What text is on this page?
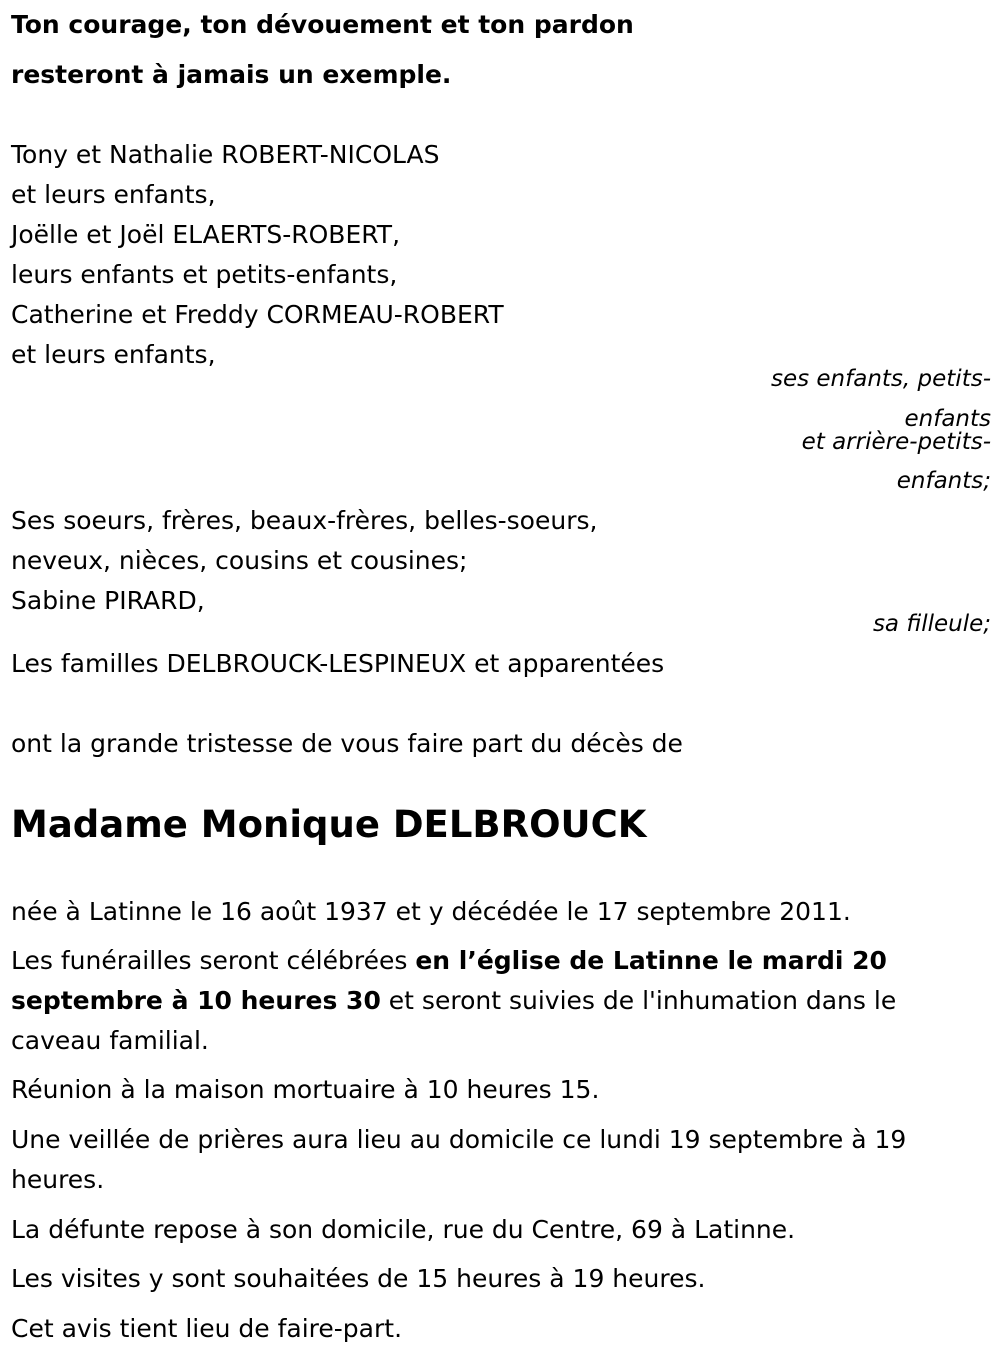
Ton courage, ton dévouement et ton pardon
resteront à jamais un exemple.
Tony et Nathalie ROBERT-NICOLAS
et leurs enfants,
Joëlle et Joël ELAERTS-ROBERT,
leurs enfants et petits-enfants,
Catherine et Freddy CORMEAU-ROBERT
et leurs enfants,
ses enfants, petits-
enfants
et arrière-petits-
enfants;
Ses soeurs, frères, beaux-frères, belles-soeurs,
neveux, nièces, cousins et cousines;
Sabine PIRARD,
sa filleule;
Les familles DELBROUCK-LESPINEUX et apparentées
ont la grande tristesse de vous faire part du décès de
Madame Monique DELBROUCK
née à Latinne le 16 août 1937 et y décédée le 17 septembre 2011.
Les funérailles seront célébrées en l’église de Latinne le mardi 20
septembre à 10 heures 30 et seront suivies de l'inhumation dans le
caveau familial.
Réunion à la maison mortuaire à 10 heures 15.
Une veillée de prières aura lieu au domicile ce lundi 19 septembre à 19
heures.
La défunte repose à son domicile, rue du Centre, 69 à Latinne.
Les visites y sont souhaitées de 15 heures à 19 heures.
Cet avis tient lieu de faire-part.
